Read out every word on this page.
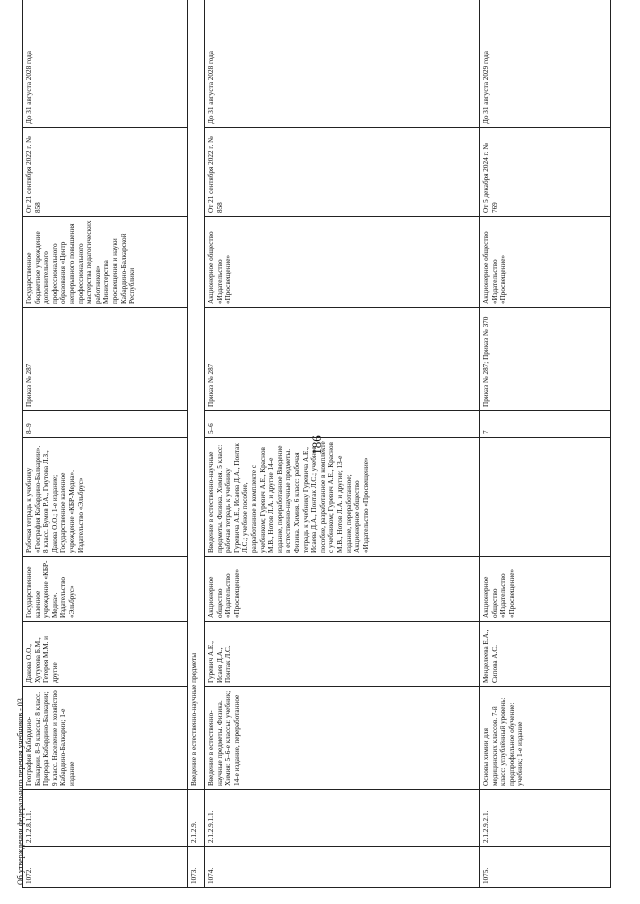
186
Об утверждении федерального перечня учебников - 03 1072.	2.1.2.8.1.1.	География Кабардино-Балкарии. 8–9 классы: 8 класс. Природа Кабардино-Балкарии; 9 класс. Население и хозяйство Кабардино-Балкарии; 1-е издание	Дакова О.О., Хутуеова Б.М., Гетерея М.М. и другие	Государственное казенное учреждение «КБР-Медиа». Издательство «Эльбрус»	Рабочая тетрадь к учебнику «География Кабардино-Балкарии». 8 класс. Бумов Р.А., Гмутова Л.З., Дакова О.О.; 1-е издание; Государственное казенное учреждение «КБР-Медиа». Издательство «Эльбрус»	8–9	Приказ № 287	Государственное бюджетное учреждение дополнительного профессионального образования «Центр непрерывного повышения профессионального мастерства педагогических работников» Министерства просвещения и науки Кабардино-Балкарской Республики	От 21 сентября 2022 г. № 858	До 31 августа 2028 года
1073.	2.1.2.9.	Введение в естественно-научные предметы								
1074.	2.1.2.9.1.1.	Введение в естественно-научные предметы. Физика. Химия: 5–6-е классы: учебник; 14-е издание, переработанное	Гуревич А.Е., Исаев Д.А., Понтак Л.С.	Акционерное общество «Издательство «Просвещение»	Введение в естественно-научные предметы. Физика. Химия. 5 класс: рабочая тетрадь к учебнику Гуревича А.Е., Исаева Д.А., Понтак Л.С.; учебное пособие, разработанное в комплекте с учебником; Гуревич А.Е., Краснов М.В., Нотов Л.А. и другие 14-е издание, переработанное Введение в естественно-научные предметы. Физика. Химия. 6 класс: рабочая тетрадь к учебнику Гуревича А.Е., Исаева Д.А., Понтак Л.С.; учебное пособие, разработанное в комплекте с учебником; Гуревич А.Е., Краснов М.В., Нотов Л.А. и другие; 13-е издание, переработанное; Акционерное общество «Издательство «Просвещение»	5–6	Приказ № 287	Акционерное общество «Издательство «Просвещение»	От 21 сентября 2022 г. № 858	До 31 августа 2028 года
1075.	2.1.2.9.2.1.	Основы химии для медицинских классов. 7-й класс: углублённый уровень: предпрофильное обучение: учебник; 1-е издание	Менделеева Е.А., Сипова А.С.	Акционерное общество «Издательство «Просвещение»		7	Приказ № 287; Приказ № 370	Акционерное общество «Издательство «Просвещение»	От 5 декабря 2024 г. № 769	До 31 августа 2029 года
